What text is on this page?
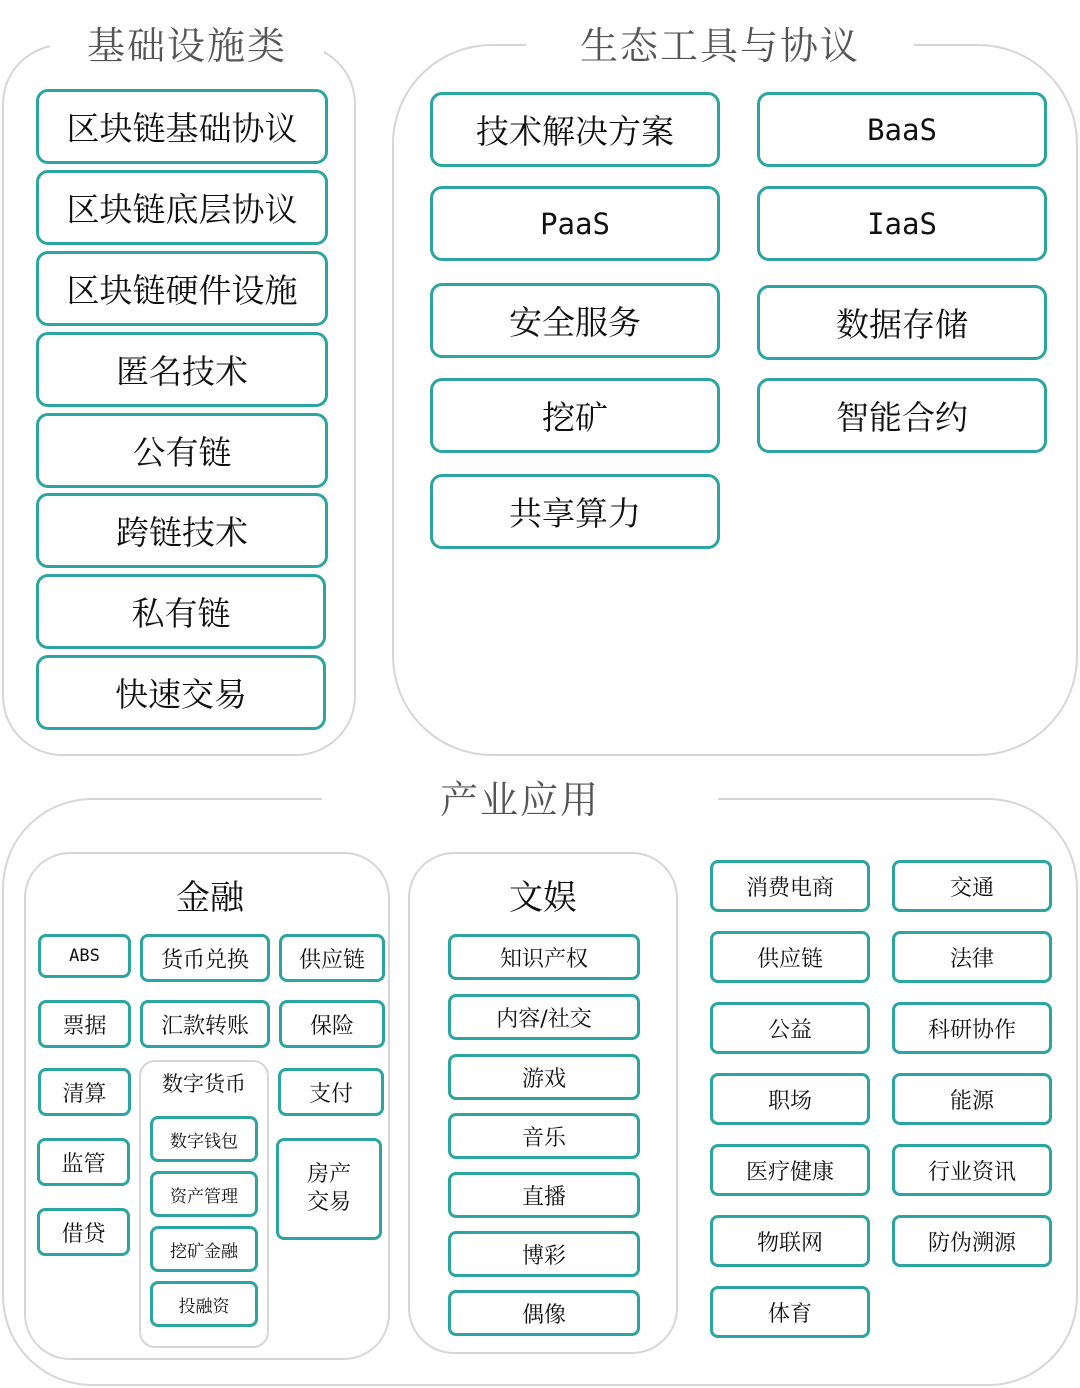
基础设施类
区块链基础协议
区块链底层协议
区块链硬件设施
匿名技术
公有链
跨链技术
私有链
快速交易
生态工具与协议
技术解决方案	BaaS
PaaS	IaaS
安全服务	数据存储
挖矿	智能合约
共享算力
产业应用
金融
ABS	货币兑换	供应链
票据	汇款转账	保险
清算	支付
监管
借贷
房产
交易
数字货币
数字钱包
资产管理
挖矿金融
投融资
文娱
知识产权
内容/社交
游戏
音乐
直播
博彩
偶像
消费电商	交通
供应链	法律
公益	科研协作
职场	能源
医疗健康	行业资讯
物联网	防伪溯源
体育
